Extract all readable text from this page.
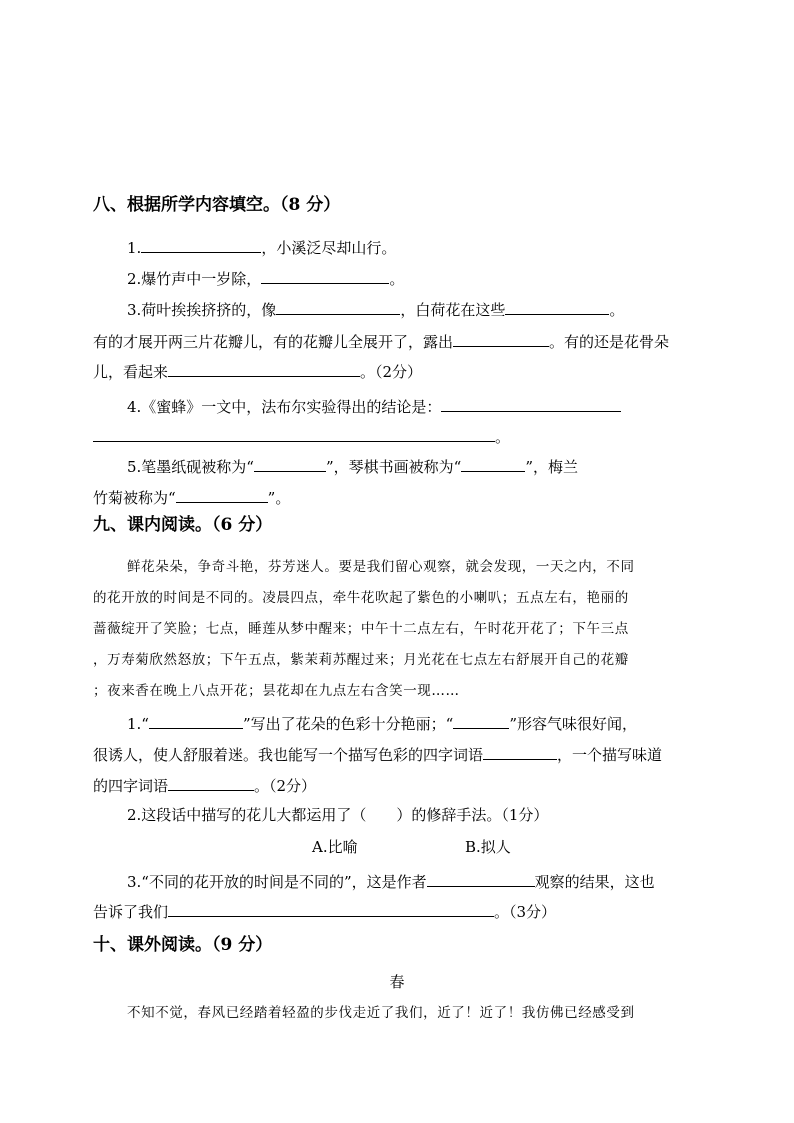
八、根据所学内容填空。（8 分）
1.	，小溪泛尽却山行。
2.爆竹声中一岁除，	。
3.荷叶挨挨挤挤的，像	，白荷花在这些	。
有的才展开两三片花瓣儿，有的花瓣儿全展开了，露出	。有的还是花骨朵
儿，看起来	。（2分）
4.《蜜蜂》一文中，法布尔实验得出的结论是：
。
5.笔墨纸砚被称为“	”，琴棋书画被称为“	”，梅兰
竹菊被称为“	”。
九、课内阅读。（6 分）
鲜花朵朵，争奇斗艳，芬芳迷人。要是我们留心观察，就会发现，一天之内，不同
的花开放的时间是不同的。凌晨四点，牵牛花吹起了紫色的小喇叭；五点左右，艳丽的
蔷薇绽开了笑脸；七点，睡莲从梦中醒来；中午十二点左右，午时花开花了；下午三点
，万寿菊欣然怒放；下午五点，紫茉莉苏醒过来；月光花在七点左右舒展开自己的花瓣
；夜来香在晚上八点开花；昙花却在九点左右含笑一现……
1.“	”写出了花朵的色彩十分艳丽；“	”形容气味很好闻，
很诱人，使人舒服着迷。我也能写一个描写色彩的四字词语	，一个描写味道
的四字词语	。（2分）
2.这段话中描写的花儿大都运用了（　　）的修辞手法。（1分）
A.比喻	B.拟人
3.“不同的花开放的时间是不同的”，这是作者	观察的结果，这也
告诉了我们	。（3分）
十、课外阅读。（9 分）
春
不知不觉，春风已经踏着轻盈的步伐走近了我们，近了！近了！我仿佛已经感受到
